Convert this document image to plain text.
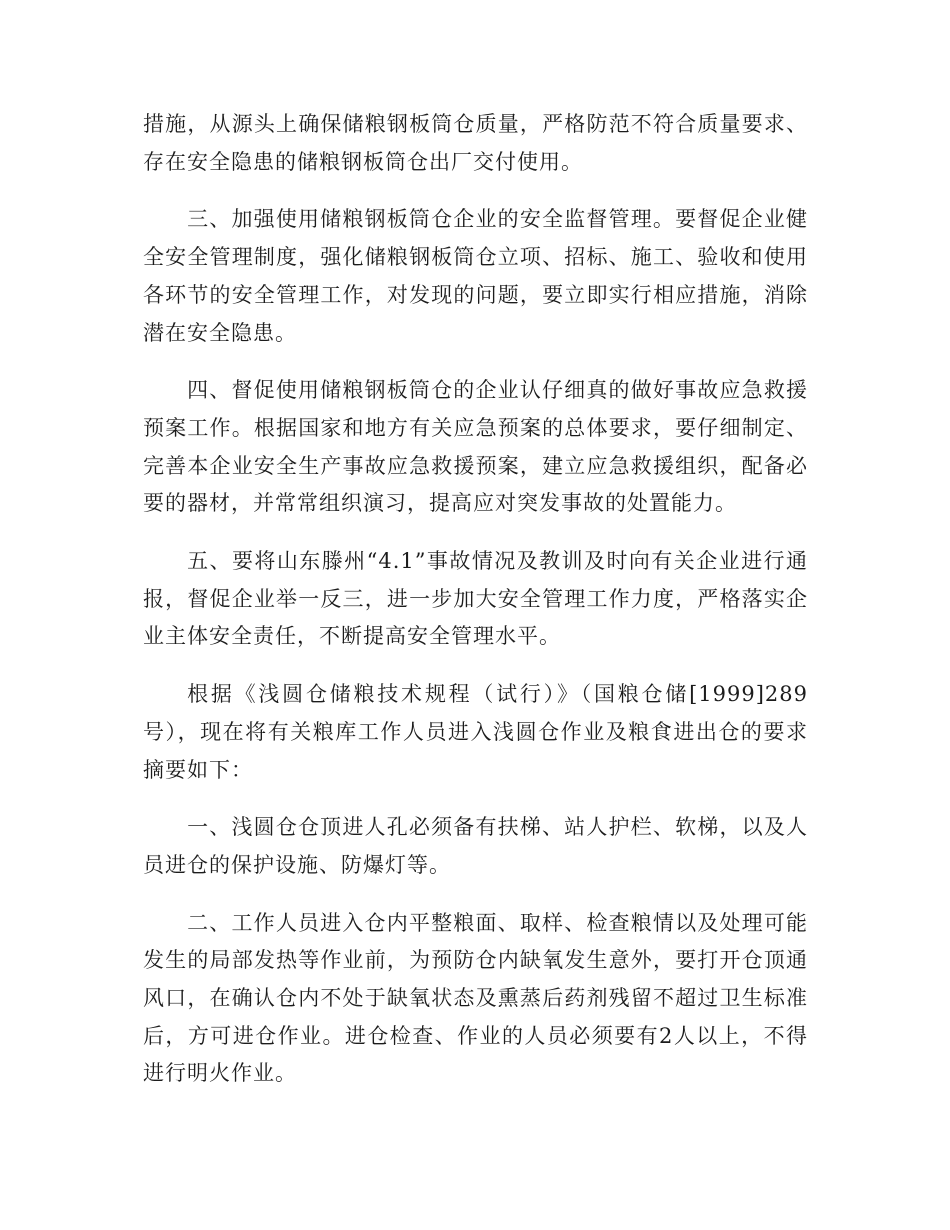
措施，从源头上确保储粮钢板筒仓质量，严格防范不符合质量要求、存在安全隐患的储粮钢板筒仓出厂交付使用。

三、加强使用储粮钢板筒仓企业的安全监督管理。要督促企业健全安全管理制度，强化储粮钢板筒仓立项、招标、施工、验收和使用各环节的安全管理工作，对发现的问题，要立即实行相应措施，消除潜在安全隐患。

四、督促使用储粮钢板筒仓的企业认仔细真的做好事故应急救援预案工作。根据国家和地方有关应急预案的总体要求，要仔细制定、完善本企业安全生产事故应急救援预案，建立应急救援组织，配备必要的器材，并常常组织演习，提高应对突发事故的处置能力。

五、要将山东滕州“4.1”事故情况及教训及时向有关企业进行通报，督促企业举一反三，进一步加大安全管理工作力度，严格落实企业主体安全责任，不断提高安全管理水平。

根据《浅圆仓储粮技术规程（试行）》（国粮仓储[1999]289号），现在将有关粮库工作人员进入浅圆仓作业及粮食进出仓的要求摘要如下：

一、浅圆仓仓顶进人孔必须备有扶梯、站人护栏、软梯，以及人员进仓的保护设施、防爆灯等。

二、工作人员进入仓内平整粮面、取样、检查粮情以及处理可能发生的局部发热等作业前，为预防仓内缺氧发生意外，要打开仓顶通风口，在确认仓内不处于缺氧状态及熏蒸后药剂残留不超过卫生标准后，方可进仓作业。进仓检查、作业的人员必须要有2人以上，不得进行明火作业。
